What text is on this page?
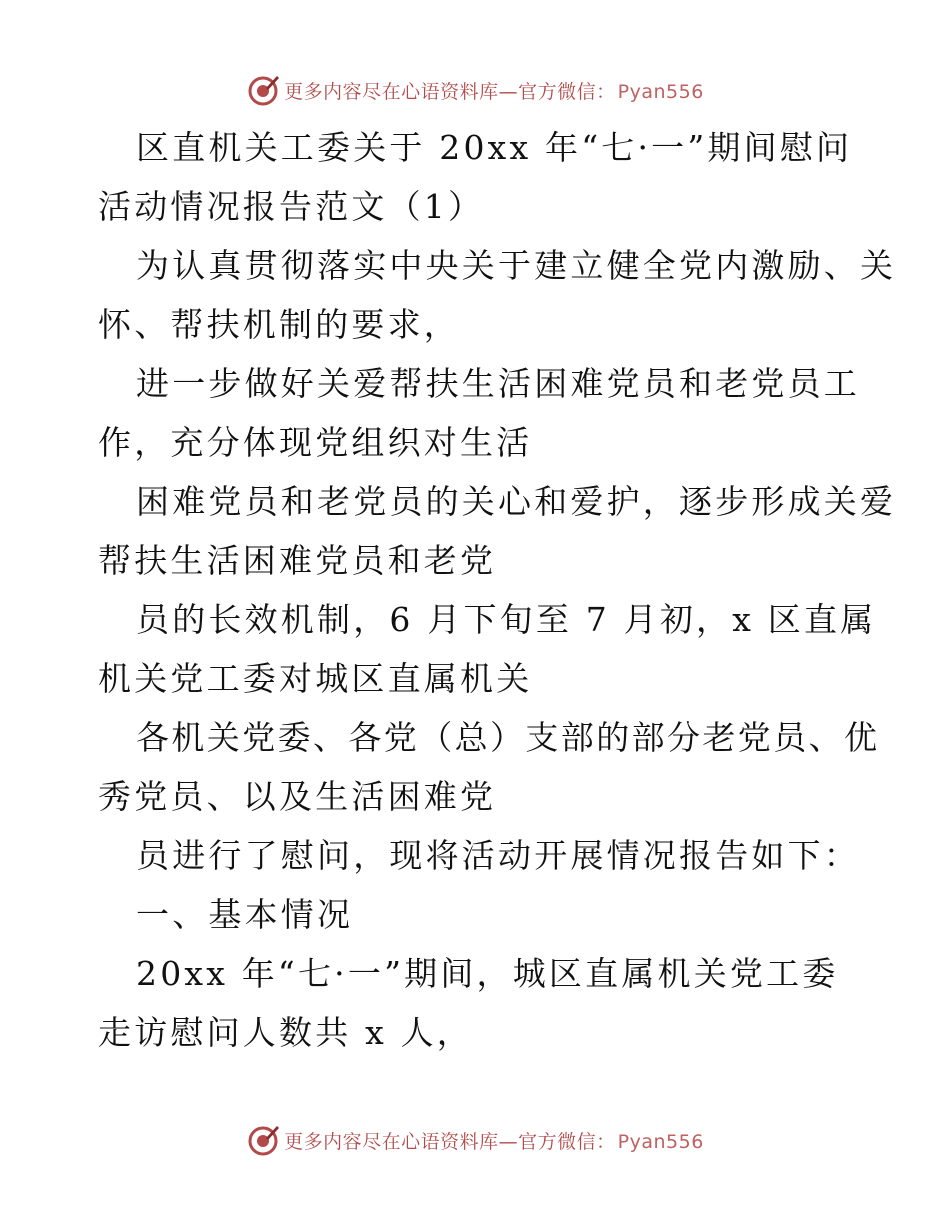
更多内容尽在心语资料库—官方微信： Pyan556
区直机关工委关于 20xx 年“七·一”期间慰问
活动情况报告范文（1）
为认真贯彻落实中央关于建立健全党内激励、关
怀、帮扶机制的要求，
进一步做好关爱帮扶生活困难党员和老党员工
作，充分体现党组织对生活
困难党员和老党员的关心和爱护，逐步形成关爱
帮扶生活困难党员和老党
员的长效机制，6 月下旬至 7 月初，x 区直属
机关党工委对城区直属机关
各机关党委、各党（总）支部的部分老党员、优
秀党员、以及生活困难党
员进行了慰问，现将活动开展情况报告如下：
一、基本情况
20xx 年“七·一”期间，城区直属机关党工委
走访慰问人数共 x 人，
更多内容尽在心语资料库—官方微信： Pyan556
